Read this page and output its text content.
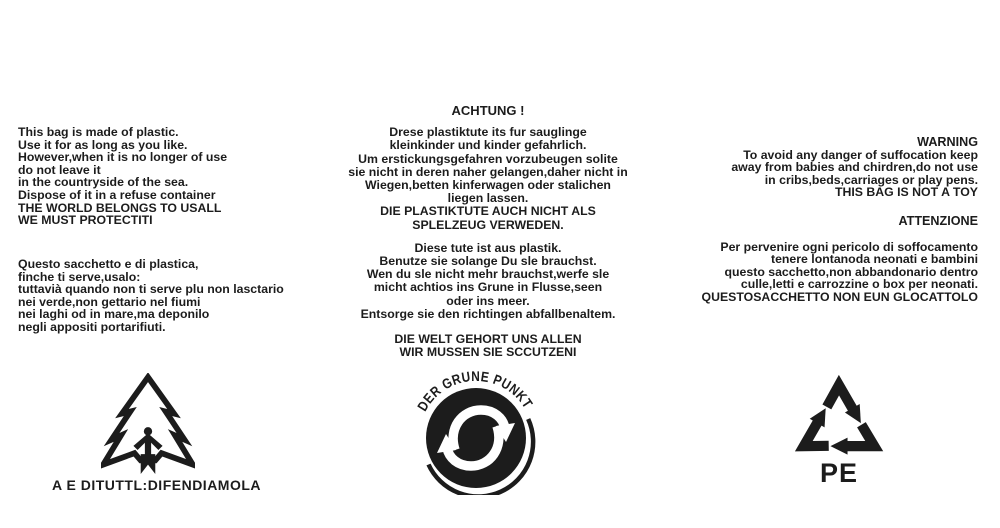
This bag is made of plastic.
Use it for as long as you like.
However,when it is no longer of use
do not leave it
in the countryside of the sea.
Dispose of it in a refuse container
THE WORLD BELONGS TO USALL
WE MUST PROTECTITI
Questo sacchetto e di plastica,
finche ti serve,usalo:
tuttavià quando non ti serve plu non lasctario
nei verde,non gettario nel fiumi
nei laghi od in mare,ma deponilo
negli appositi portarifiuti.
ACHTUNG !
Drese plastiktute its fur sauglinge
kleinkinder und kinder gefahrlich.
Um erstickungsgefahren vorzubeugen solite
sie nicht in deren naher gelangen,daher nicht in
Wiegen,betten kinferwagen oder stalichen
liegen lassen.
DIE PLASTIKTUTE AUCH NICHT ALS
SPLELZEUG VERWEDEN.
Diese tute ist aus plastik.
Benutze sie solange Du sle brauchst.
Wen du sle nicht mehr brauchst,werfe sle
micht achtios ins Grune in Flusse,seen
oder ins meer.
Entsorge sie den richtingen abfallbenaltem.
DIE WELT GEHORT UNS ALLEN
WIR MUSSEN SIE SCCUTZENI
WARNING
To avoid any danger of suffocation keep
away from babies and chirdren,do not use
in cribs,beds,carriages or play pens.
THIS BAG IS NOT A TOY
ATTENZIONE
Per pervenire ogni pericolo di soffocamento
tenere lontanoda neonati e bambini
questo sacchetto,non abbandonario dentro
culle,letti e carrozzine o box per neonati.
QUESTOSACCHETTO NON EUN GLOCATTOLO
A E DITUTTL:DIFENDIAMOLA
DER GRUNE PUNKT
PE
